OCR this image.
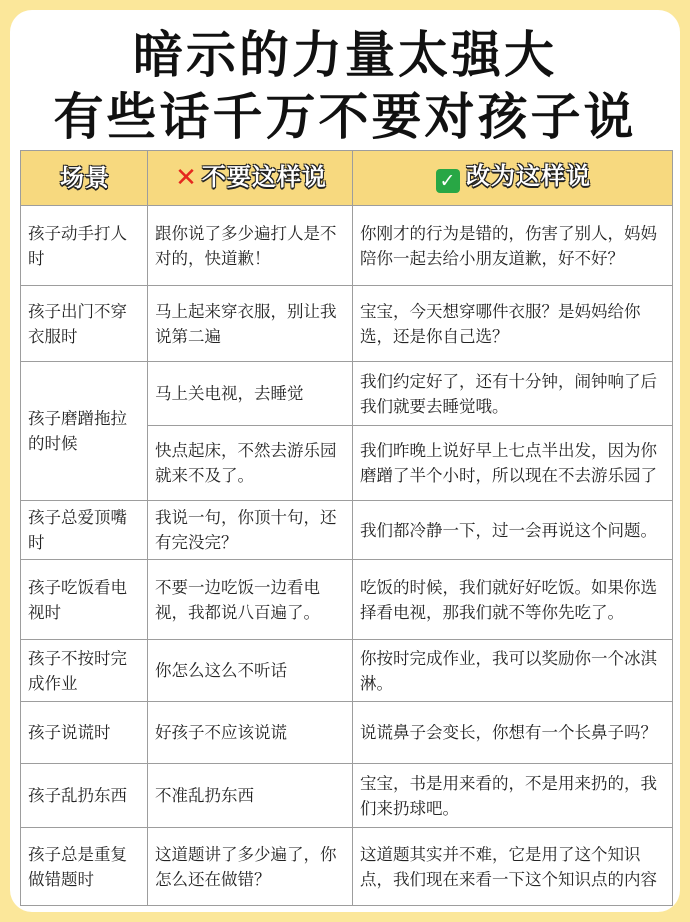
暗示的力量太强大
有些话千万不要对孩子说
场景	✕ 不要这样说	✓ 改为这样说
孩子动手打人时	跟你说了多少遍打人是不对的，快道歉！	你刚才的行为是错的，伤害了别人，妈妈陪你一起去给小朋友道歉，好不好？
孩子出门不穿衣服时	马上起来穿衣服，别让我说第二遍	宝宝，今天想穿哪件衣服？是妈妈给你选，还是你自己选？
孩子磨蹭拖拉的时候	马上关电视，去睡觉	我们约定好了，还有十分钟，闹钟响了后我们就要去睡觉哦。
	快点起床，不然去游乐园就来不及了。	我们昨晚上说好早上七点半出发，因为你磨蹭了半个小时，所以现在不去游乐园了
孩子总爱顶嘴时	我说一句，你顶十句，还有完没完？	我们都冷静一下，过一会再说这个问题。
孩子吃饭看电视时	不要一边吃饭一边看电视，我都说八百遍了。	吃饭的时候，我们就好好吃饭。如果你选择看电视，那我们就不等你先吃了。
孩子不按时完成作业	你怎么这么不听话	你按时完成作业，我可以奖励你一个冰淇淋。
孩子说谎时	好孩子不应该说谎	说谎鼻子会变长，你想有一个长鼻子吗？
孩子乱扔东西	不准乱扔东西	宝宝，书是用来看的，不是用来扔的，我们来扔球吧。
孩子总是重复做错题时	这道题讲了多少遍了，你怎么还在做错？	这道题其实并不难，它是用了这个知识点，我们现在来看一下这个知识点的内容
